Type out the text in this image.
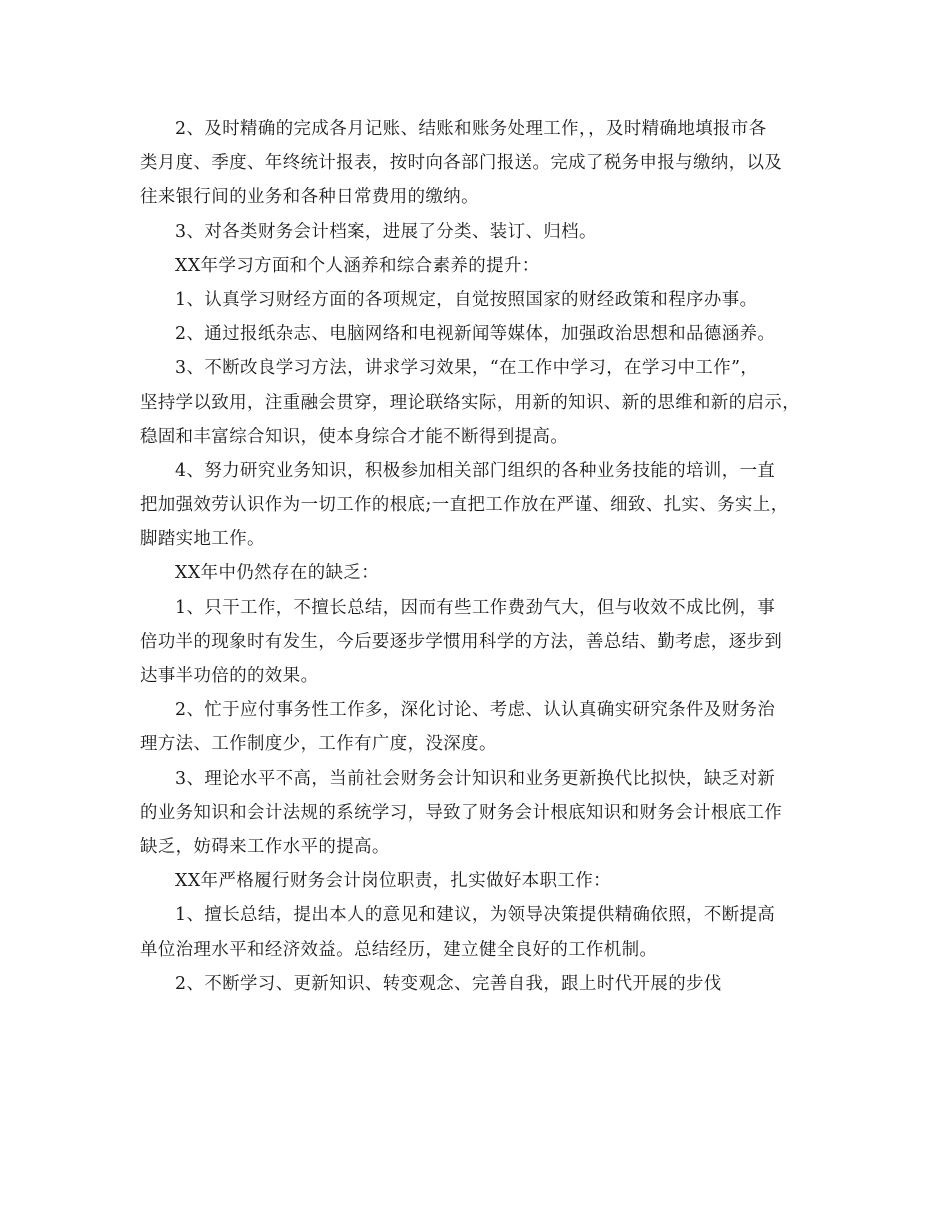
2、及时精确的完成各月记账、结账和账务处理工作，，及时精确地填报市各
类月度、季度、年终统计报表，按时向各部门报送。完成了税务申报与缴纳，以及
往来银行间的业务和各种日常费用的缴纳。
3、对各类财务会计档案，进展了分类、装订、归档。
XX年学习方面和个人涵养和综合素养的提升：
1、认真学习财经方面的各项规定，自觉按照国家的财经政策和程序办事。
2、通过报纸杂志、电脑网络和电视新闻等媒体，加强政治思想和品德涵养。
3、不断改良学习方法，讲求学习效果，“在工作中学习，在学习中工作”，
坚持学以致用，注重融会贯穿，理论联络实际，用新的知识、新的思维和新的启示，
稳固和丰富综合知识，使本身综合才能不断得到提高。
4、努力研究业务知识，积极参加相关部门组织的各种业务技能的培训，一直
把加强效劳认识作为一切工作的根底;一直把工作放在严谨、细致、扎实、务实上，
脚踏实地工作。
XX年中仍然存在的缺乏：
1、只干工作，不擅长总结，因而有些工作费劲气大，但与收效不成比例，事
倍功半的现象时有发生，今后要逐步学惯用科学的方法，善总结、勤考虑，逐步到
达事半功倍的的效果。
2、忙于应付事务性工作多，深化讨论、考虑、认认真确实研究条件及财务治
理方法、工作制度少，工作有广度，没深度。
3、理论水平不高，当前社会财务会计知识和业务更新换代比拟快，缺乏对新
的业务知识和会计法规的系统学习，导致了财务会计根底知识和财务会计根底工作
缺乏，妨碍来工作水平的提高。
XX年严格履行财务会计岗位职责，扎实做好本职工作：
1、擅长总结，提出本人的意见和建议，为领导决策提供精确依照，不断提高
单位治理水平和经济效益。总结经历，建立健全良好的工作机制。
2、不断学习、更新知识、转变观念、完善自我，跟上时代开展的步伐
